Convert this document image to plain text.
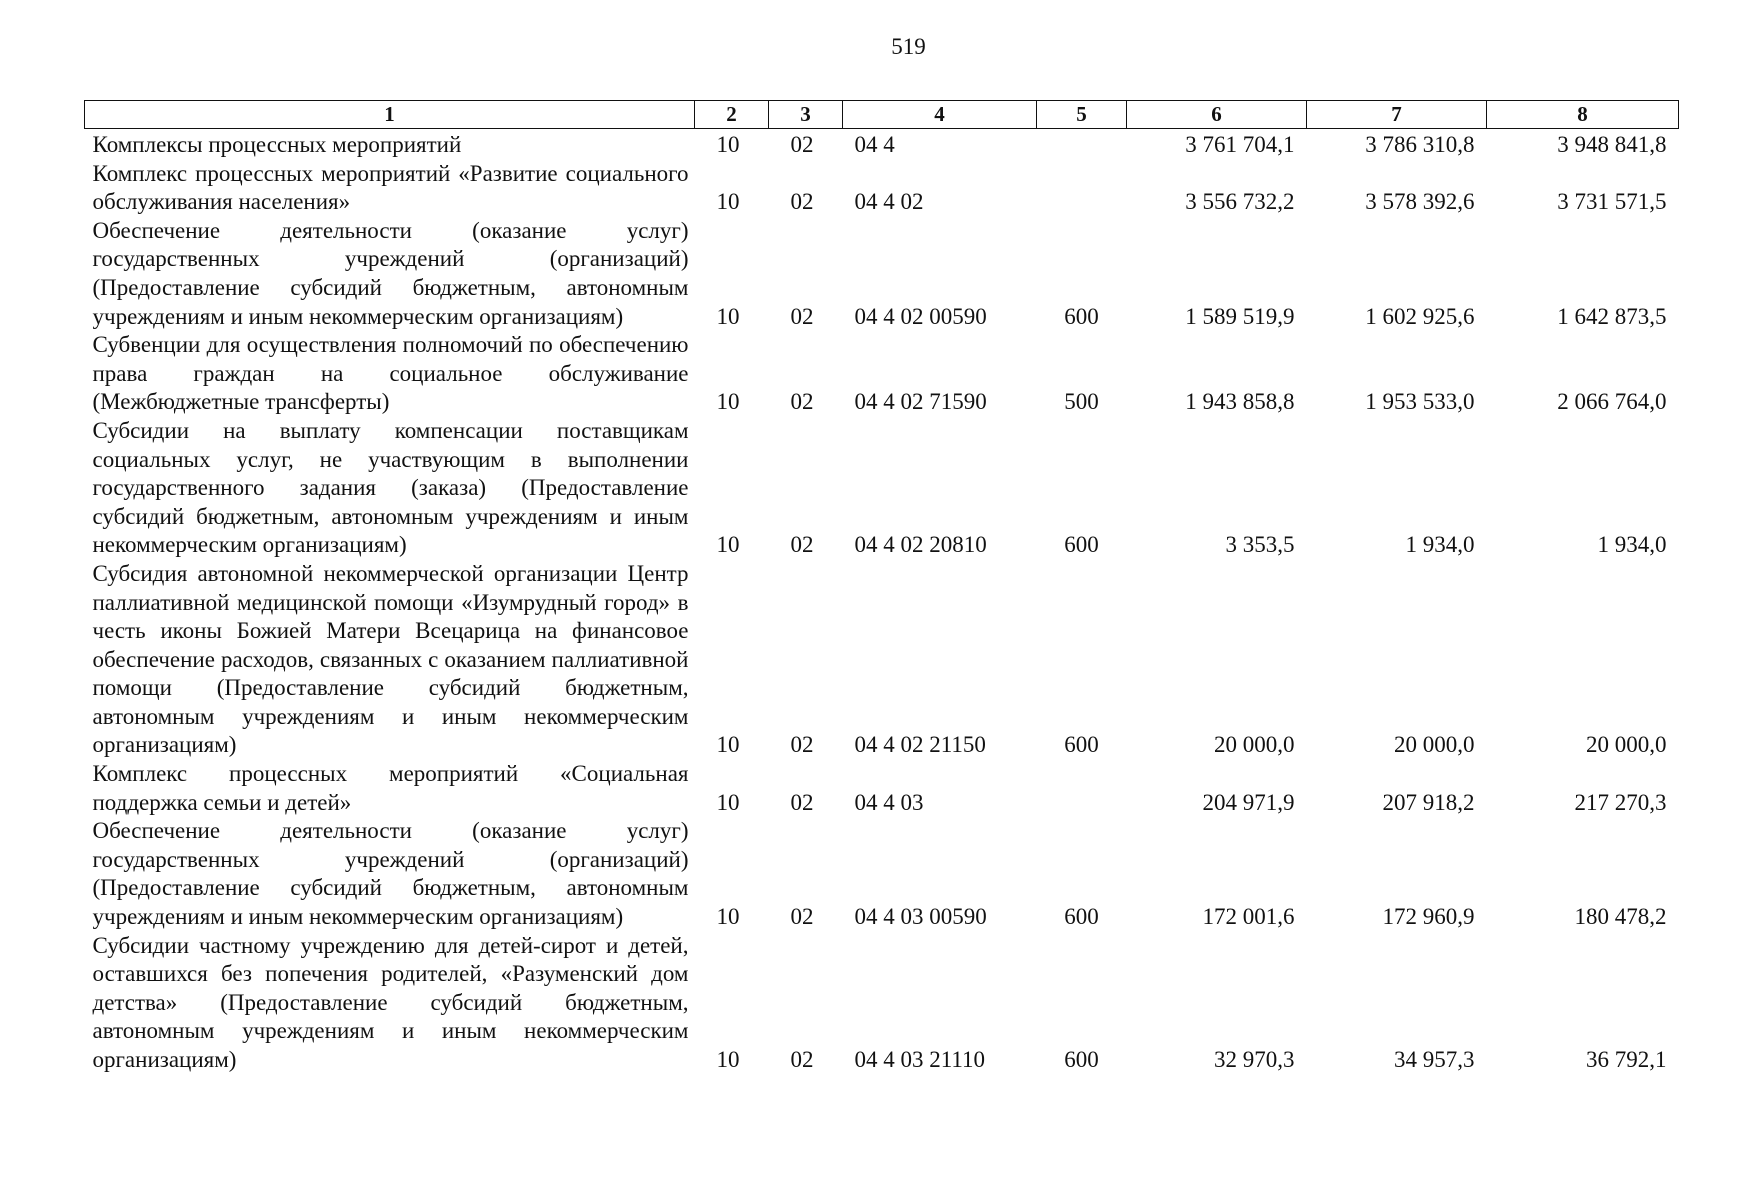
519
1	2	3	4	5	6	7	8
Комплексы процессных мероприятий	10	02	04 4		3 761 704,1	3 786 310,8	3 948 841,8
Комплекс процессных мероприятий «Развитие социального обслуживания населения»	10	02	04 4 02		3 556 732,2	3 578 392,6	3 731 571,5
Обеспечение деятельности (оказание услуг) государственных учреждений (организаций) (Предоставление субсидий бюджетным, автономным учреждениям и иным некоммерческим организациям)	10	02	04 4 02 00590	600	1 589 519,9	1 602 925,6	1 642 873,5
Субвенции для осуществления полномочий по обеспечению права граждан на социальное обслуживание (Межбюджетные трансферты)	10	02	04 4 02 71590	500	1 943 858,8	1 953 533,0	2 066 764,0
Субсидии на выплату компенсации поставщикам социальных услуг, не участвующим в выполнении государственного задания (заказа) (Предоставление субсидий бюджетным, автономным учреждениям и иным некоммерческим организациям)	10	02	04 4 02 20810	600	3 353,5	1 934,0	1 934,0
Субсидия автономной некоммерческой организации Центр паллиативной медицинской помощи «Изумрудный город» в честь иконы Божией Матери Всецарица на финансовое обеспечение расходов, связанных с оказанием паллиативной помощи (Предоставление субсидий бюджетным, автономным учреждениям и иным некоммерческим организациям)	10	02	04 4 02 21150	600	20 000,0	20 000,0	20 000,0
Комплекс процессных мероприятий «Социальная поддержка семьи и детей»	10	02	04 4 03		204 971,9	207 918,2	217 270,3
Обеспечение деятельности (оказание услуг) государственных учреждений (организаций) (Предоставление субсидий бюджетным, автономным учреждениям и иным некоммерческим организациям)	10	02	04 4 03 00590	600	172 001,6	172 960,9	180 478,2
Субсидии частному учреждению для детей-сирот и детей, оставшихся без попечения родителей, «Разуменский дом детства» (Предоставление субсидий бюджетным, автономным учреждениям и иным некоммерческим организациям)	10	02	04 4 03 21110	600	32 970,3	34 957,3	36 792,1
